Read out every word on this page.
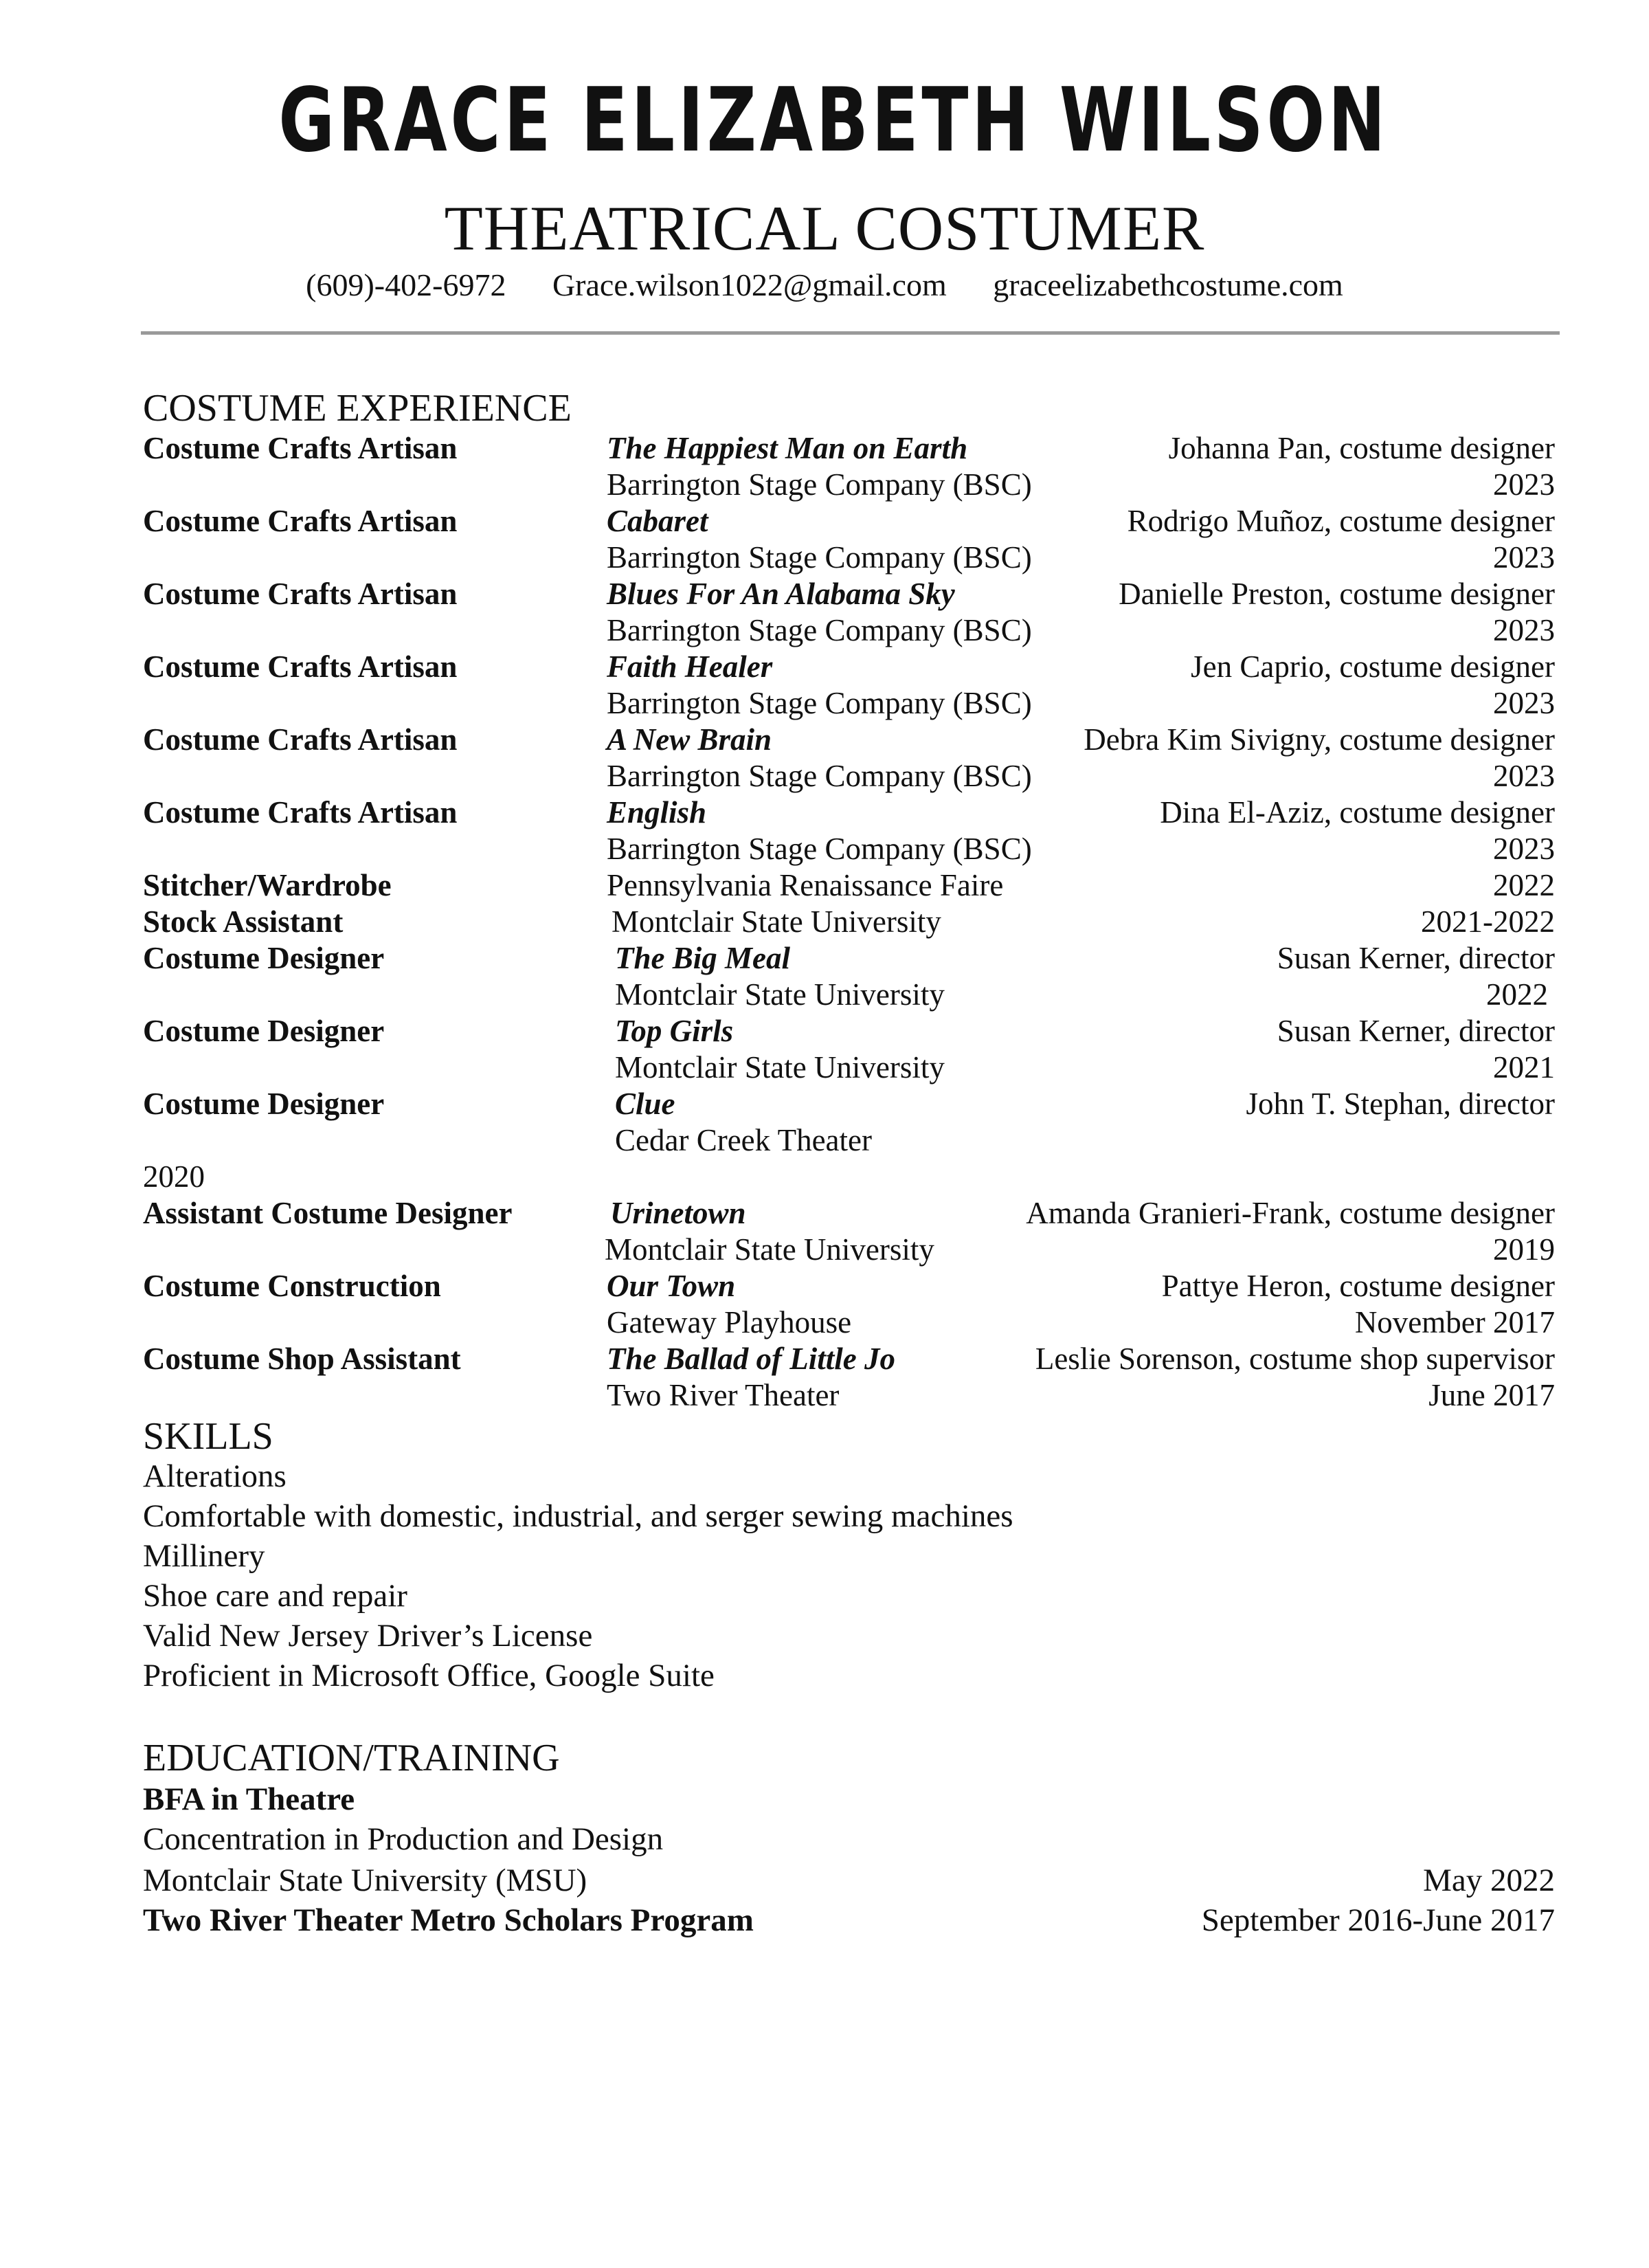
GRACE ELIZABETH WILSON
THEATRICAL COSTUMER
(609)-402-6972 Grace.wilson1022@gmail.com graceelizabethcostume.com
COSTUME EXPERIENCE
Costume Crafts Artisan	The Happiest Man on Earth	Johanna Pan, costume designer
Barrington Stage Company (BSC)	2023
Costume Crafts Artisan	Cabaret	Rodrigo Muñoz, costume designer
Barrington Stage Company (BSC)	2023
Costume Crafts Artisan	Blues For An Alabama Sky	Danielle Preston, costume designer
Barrington Stage Company (BSC)	2023
Costume Crafts Artisan	Faith Healer	Jen Caprio, costume designer
Barrington Stage Company (BSC)	2023
Costume Crafts Artisan	A New Brain	Debra Kim Sivigny, costume designer
Barrington Stage Company (BSC)	2023
Costume Crafts Artisan	English	Dina El-Aziz, costume designer
Barrington Stage Company (BSC)	2023
Stitcher/Wardrobe	Pennsylvania Renaissance Faire	2022
Stock Assistant	Montclair State University	2021-2022
Costume Designer	The Big Meal	Susan Kerner, director
Montclair State University	2022
Costume Designer	Top Girls	Susan Kerner, director
Montclair State University	2021
Costume Designer	Clue	John T. Stephan, director
Cedar Creek Theater
2020
Assistant Costume Designer	Urinetown	Amanda Granieri-Frank, costume designer
Montclair State University	2019
Costume Construction	Our Town	Pattye Heron, costume designer
Gateway Playhouse	November 2017
Costume Shop Assistant	The Ballad of Little Jo	Leslie Sorenson, costume shop supervisor
Two River Theater	June 2017
SKILLS
Alterations
Comfortable with domestic, industrial, and serger sewing machines
Millinery
Shoe care and repair
Valid New Jersey Driver’s License
Proficient in Microsoft Office, Google Suite
EDUCATION/TRAINING
BFA in Theatre
Concentration in Production and Design
Montclair State University (MSU)	May 2022
Two River Theater Metro Scholars Program	September 2016-June 2017
